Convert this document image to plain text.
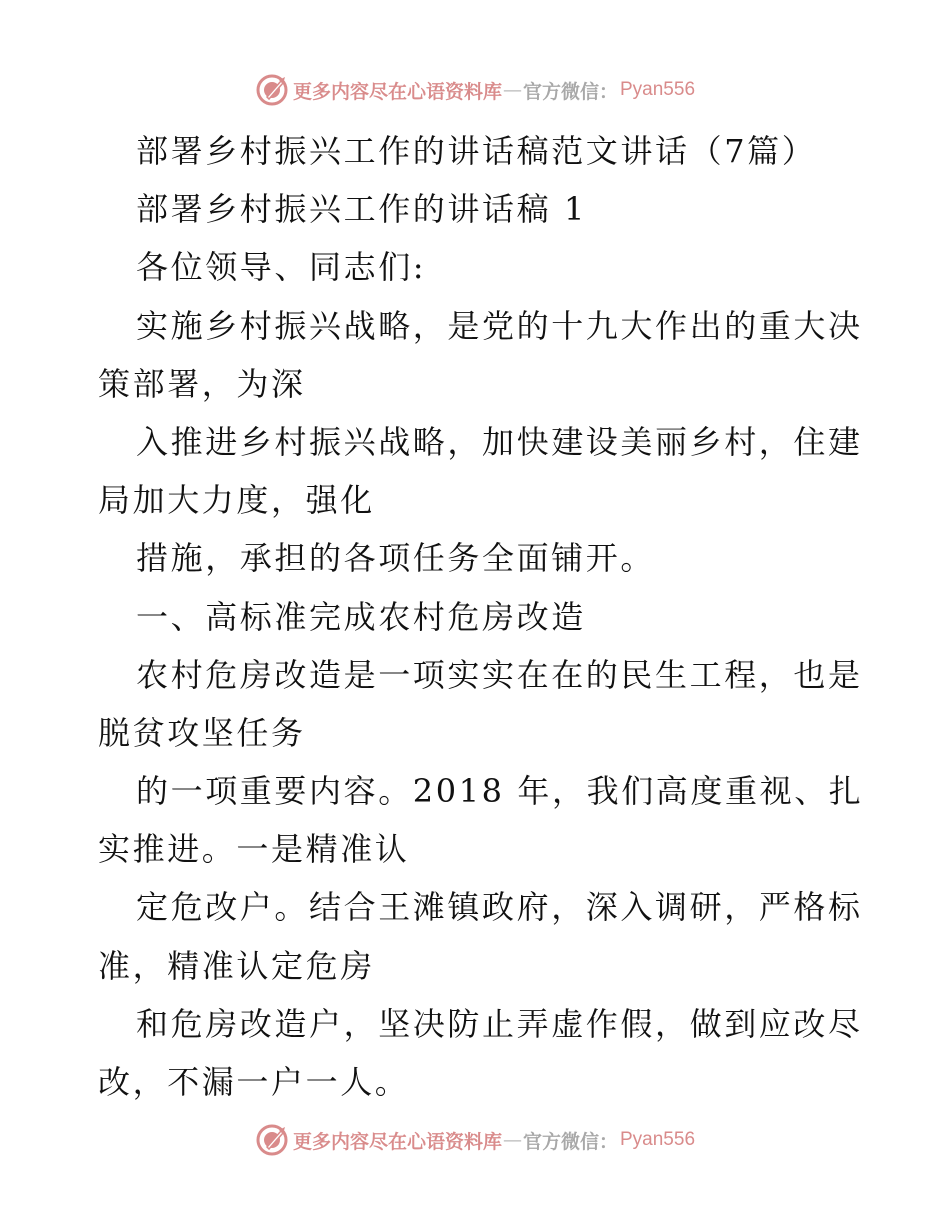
更多内容尽在心语资料库 — 官方微信： Pyan556
部署乡村振兴工作的讲话稿范文讲话（7篇）
部署乡村振兴工作的讲话稿 1
各位领导、同志们:
实施乡村振兴战略，是党的十九大作出的重大决
策部署，为深
入推进乡村振兴战略，加快建设美丽乡村，住建
局加大力度，强化
措施，承担的各项任务全面铺开。
一、高标准完成农村危房改造
农村危房改造是一项实实在在的民生工程，也是
脱贫攻坚任务
的一项重要内容。2018 年，我们高度重视、扎
实推进。一是精准认
定危改户。结合王滩镇政府，深入调研，严格标
准，精准认定危房
和危房改造户，坚决防止弄虚作假，做到应改尽
改，不漏一户一人。
更多内容尽在心语资料库 — 官方微信： Pyan556
